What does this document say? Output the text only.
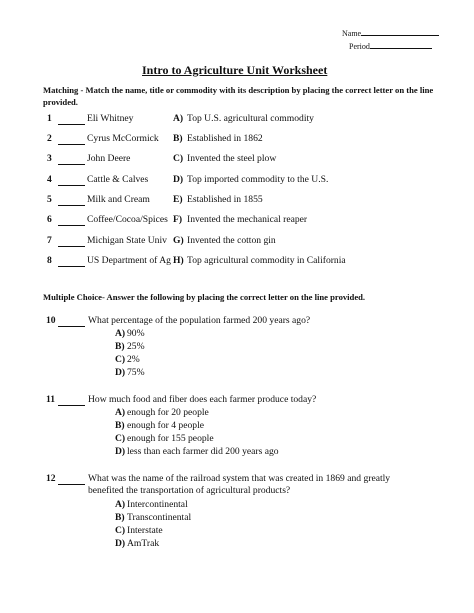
Name
Period
Intro to Agriculture Unit Worksheet
Matching - Match the name, title or commodity with its description by placing the correct letter on the line provided.
1	Eli Whitney	A) Top U.S. agricultural commodity
2	Cyrus McCormick B) Established in 1862
3	John Deere	C) Invented the steel plow
4	Cattle & Calves	D) Top imported commodity to the U.S.
5	Milk and Cream E) Established in 1855
6	Coffee/Cocoa/Spices F) Invented the mechanical reaper
7	Michigan State Univ G) Invented the cotton gin
8	US Department of Ag H) Top agricultural commodity in California
Multiple Choice- Answer the following by placing the correct letter on the line provided.
10	What percentage of the population farmed 200 years ago?
A) 90%
B) 25%
C) 2%
D) 75%
11	How much food and fiber does each farmer produce today?
A) enough for 20 people
B) enough for 4 people
C) enough for 155 people
D) less than each farmer did 200 years ago
12	What was the name of the railroad system that was created in 1869 and greatly
benefited the transportation of agricultural products?
A) Intercontinental
B) Transcontinental
C) Interstate
D) AmTrak
